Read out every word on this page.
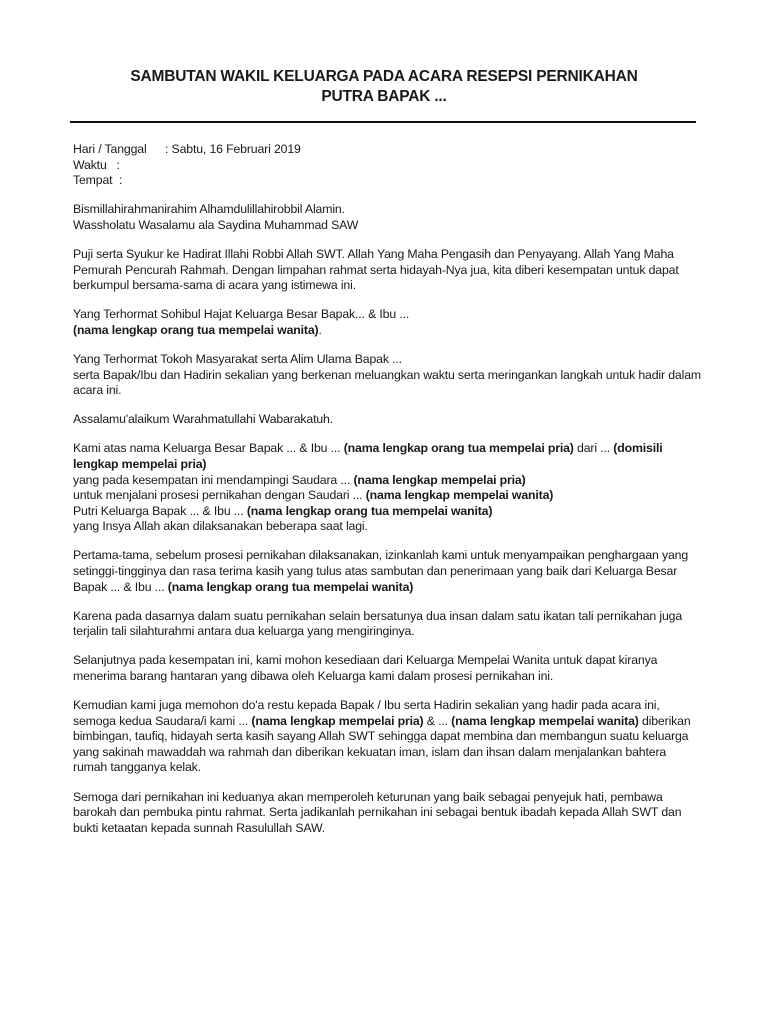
SAMBUTAN WAKIL KELUARGA PADA ACARA RESEPSI PERNIKAHAN
PUTRA BAPAK ...

Hari / Tanggal : Sabtu, 16 Februari 2019
Waktu :
Tempat :

Bismillahirahmanirahim Alhamdulillahirobbil Alamin.
Wassholatu Wasalamu ala Saydina Muhammad SAW

Puji serta Syukur ke Hadirat Illahi Robbi Allah SWT. Allah Yang Maha Pengasih dan Penyayang. Allah Yang Maha Pemurah Pencurah Rahmah. Dengan limpahan rahmat serta hidayah-Nya jua, kita diberi kesempatan untuk dapat berkumpul bersama-sama di acara yang istimewa ini.

Yang Terhormat Sohibul Hajat Keluarga Besar Bapak... & Ibu ...
(nama lengkap orang tua mempelai wanita).

Yang Terhormat Tokoh Masyarakat serta Alim Ulama Bapak ...
serta Bapak/Ibu dan Hadirin sekalian yang berkenan meluangkan waktu serta meringankan langkah untuk hadir dalam acara ini.

Assalamu'alaikum Warahmatullahi Wabarakatuh.

Kami atas nama Keluarga Besar Bapak ... & Ibu ... (nama lengkap orang tua mempelai pria) dari ... (domisili lengkap mempelai pria)
yang pada kesempatan ini mendampingi Saudara ... (nama lengkap mempelai pria)
untuk menjalani prosesi pernikahan dengan Saudari ... (nama lengkap mempelai wanita)
Putri Keluarga Bapak ... & Ibu ... (nama lengkap orang tua mempelai wanita)
yang Insya Allah akan dilaksanakan beberapa saat lagi.

Pertama-tama, sebelum prosesi pernikahan dilaksanakan, izinkanlah kami untuk menyampaikan penghargaan yang setinggi-tingginya dan rasa terima kasih yang tulus atas sambutan dan penerimaan yang baik dari Keluarga Besar Bapak ... & Ibu ... (nama lengkap orang tua mempelai wanita)

Karena pada dasarnya dalam suatu pernikahan selain bersatunya dua insan dalam satu ikatan tali pernikahan juga terjalin tali silahturahmi antara dua keluarga yang mengiringinya.

Selanjutnya pada kesempatan ini, kami mohon kesediaan dari Keluarga Mempelai Wanita untuk dapat kiranya menerima barang hantaran yang dibawa oleh Keluarga kami dalam prosesi pernikahan ini.

Kemudian kami juga memohon do'a restu kepada Bapak / Ibu serta Hadirin sekalian yang hadir pada acara ini, semoga kedua Saudara/i kami ... (nama lengkap mempelai pria) & ... (nama lengkap mempelai wanita) diberikan bimbingan, taufiq, hidayah serta kasih sayang Allah SWT sehingga dapat membina dan membangun suatu keluarga yang sakinah mawaddah wa rahmah dan diberikan kekuatan iman, islam dan ihsan dalam menjalankan bahtera rumah tangganya kelak.

Semoga dari pernikahan ini keduanya akan memperoleh keturunan yang baik sebagai penyejuk hati, pembawa barokah dan pembuka pintu rahmat. Serta jadikanlah pernikahan ini sebagai bentuk ibadah kepada Allah SWT dan bukti ketaatan kepada sunnah Rasulullah SAW.
